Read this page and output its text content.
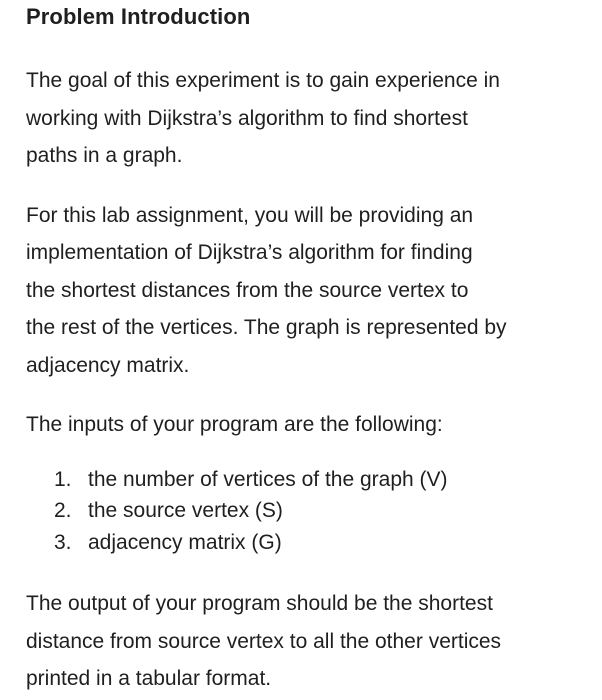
Problem Introduction

The goal of this experiment is to gain experience in
working with Dijkstra’s algorithm to find shortest
paths in a graph.

For this lab assignment, you will be providing an
implementation of Dijkstra’s algorithm for finding
the shortest distances from the source vertex to
the rest of the vertices. The graph is represented by
adjacency matrix.

The inputs of your program are the following:

1. the number of vertices of the graph (V)
2. the source vertex (S)
3. adjacency matrix (G)

The output of your program should be the shortest
distance from source vertex to all the other vertices
printed in a tabular format.
